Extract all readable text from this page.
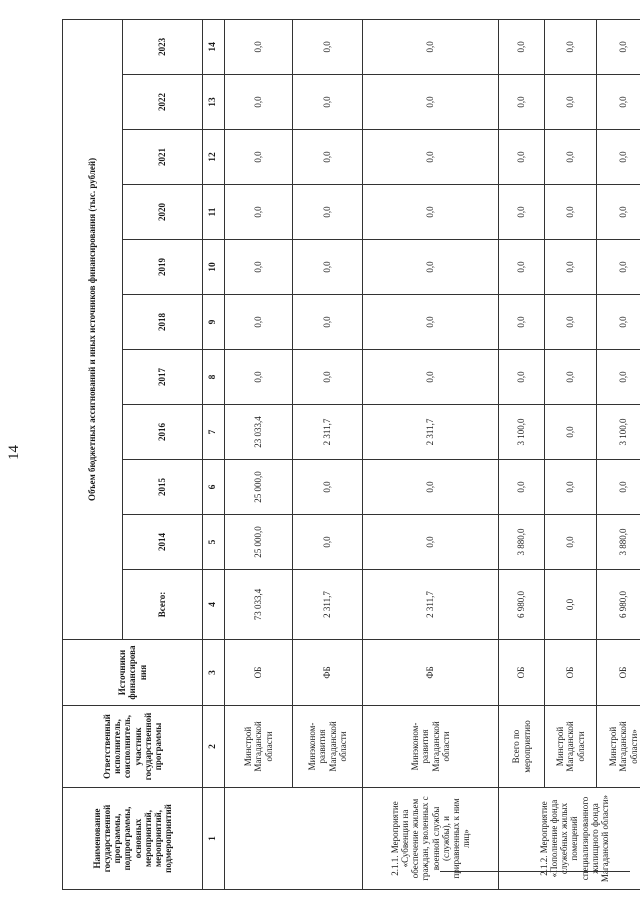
14
Наименование государственной программы, подпрограммы, основных мероприятий, мероприятий, подмероприятий	Ответственный исполнитель, соисполнитель, участник государственной программы	Источники финансирова ния	Объем бюджетных ассигнований и иных источников финансирования (тыс. рублей)										
			Всего:	2014	2015	2016	2017	2018	2019	2020	2021	2022	2023
1	2	3	4	5	6	7	8	9	10	11	12	13	14
	Минстрой Магаданской области	ОБ	73 033,4	25 000,0	25 000,0	23 033,4	0,0	0,0	0,0	0,0	0,0	0,0	0,0
	Минэконом-развития Магаданской области	ФБ	2 311,7	0,0	0,0	2 311,7	0,0	0,0	0,0	0,0	0,0	0,0	0,0
2.1.1. Мероприятие «Субвенции на обеспечение жильем граждан, уволенных с военной службы (службы), и приравненных к ним лиц»	Минэконом-развития Магаданской области	ФБ	2 311,7	0,0	0,0	2 311,7	0,0	0,0	0,0	0,0	0,0	0,0	0,0
2.1.2. Мероприятие «Пополнение фонда служебных жилых помещений специализированного жилищного фонда Магаданской области»	Всего по мероприятию	ОБ	6 980,0	3 880,0	0,0	3 100,0	0,0	0,0	0,0	0,0	0,0	0,0	0,0
	Минстрой Магаданской области	ОБ	0,0	0,0	0,0	0,0	0,0	0,0	0,0	0,0	0,0	0,0	0,0
	Минстрой Магаданской области»	ОБ	6 980,0	3 880,0	0,0	3 100,0	0,0	0,0	0,0	0,0	0,0	0,0	0,0
